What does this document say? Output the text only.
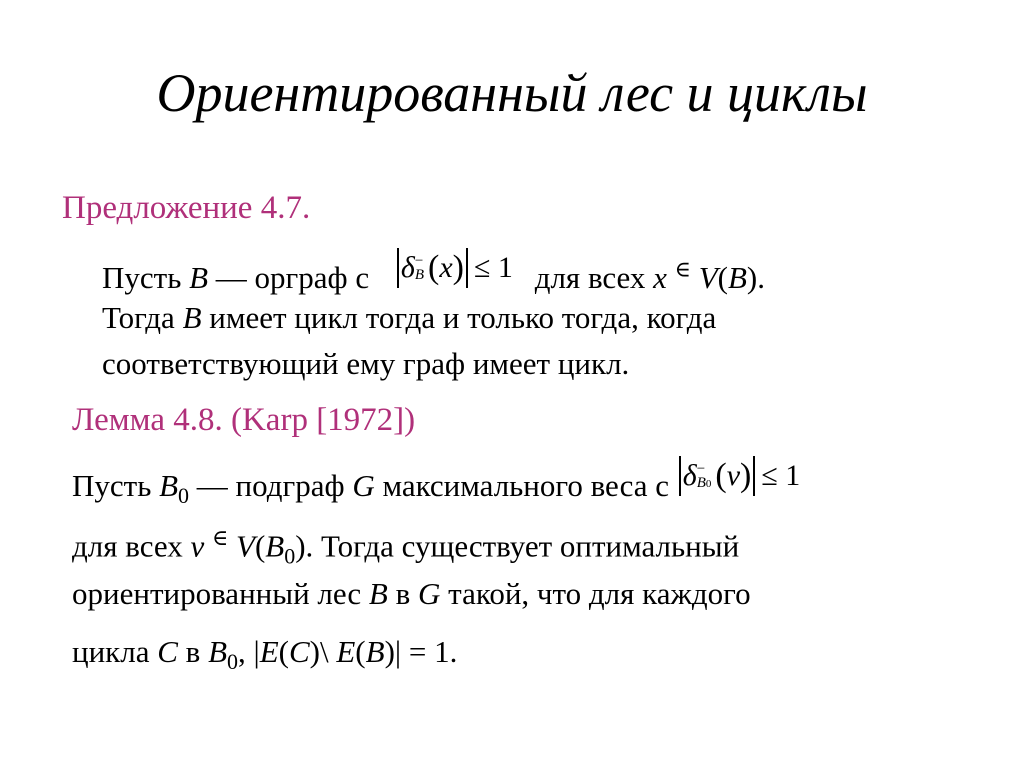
Ориентированный лес и циклы
Предложение 4.7.
Пусть B — орграф с δ −
B ( x ) ≤ 1 для всех x ∈ V(B).
Тогда B имеет цикл тогда и только тогда, когда
соответствующий ему граф имеет цикл.
Лемма 4.8. (Karp [1972])
Пусть $B_0$ — подграф G максимального веса с δ −
B0 ( v ) ≤ 1
для всех v ∈ $V(B_0)$. Тогда существует оптимальный
ориентированный лес B в G такой, что для каждого
цикла C в $B_0$, |E(C)\ E(B)| = 1.
